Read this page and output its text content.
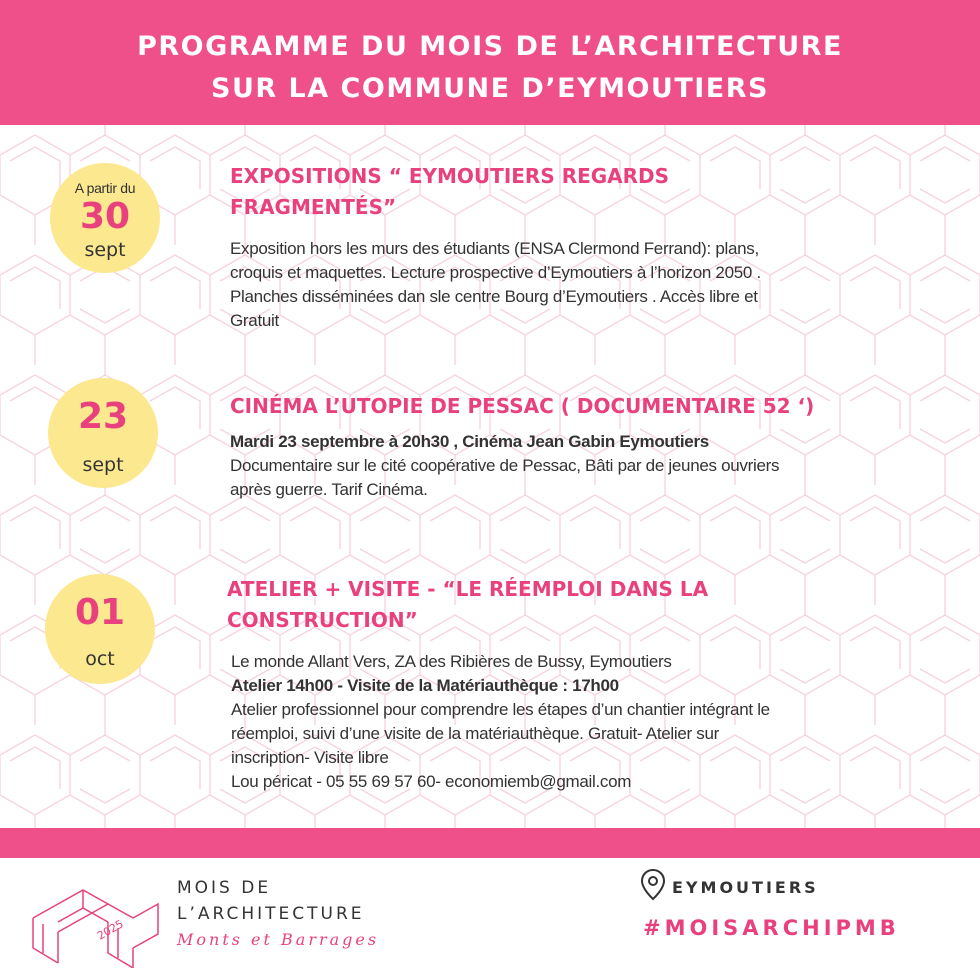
PROGRAMME DU MOIS DE L’ARCHITECTURE
SUR LA COMMUNE D’EYMOUTIERS
A partir du
30
sept
EXPOSITIONS “ EYMOUTIERS REGARDS
FRAGMENTÉS”
Exposition hors les murs des étudiants (ENSA Clermond Ferrand): plans,
croquis et maquettes. Lecture prospective d’Eymoutiers à l’horizon 2050 .
Planches disséminées dan sle centre Bourg d’Eymoutiers . Accès libre et
Gratuit
23
sept
CINÉMA L’UTOPIE DE PESSAC ( DOCUMENTAIRE 52 ‘)
Mardi 23 septembre à 20h30 , Cinéma Jean Gabin Eymoutiers
Documentaire sur le cité coopérative de Pessac, Bâti par de jeunes ouvriers
après guerre. Tarif Cinéma.
01
oct
ATELIER + VISITE - “LE RÉEMPLOI DANS LA
CONSTRUCTION”
Le monde Allant Vers, ZA des Ribières de Bussy, Eymoutiers
Atelier 14h00 - Visite de la Matériauthèque : 17h00
Atelier professionnel pour comprendre les étapes d’un chantier intégrant le
réemploi, suivi d’une visite de la matériauthèque. Gratuit- Atelier sur
inscription- Visite libre
Lou péricat - 05 55 69 57 60- economiemb@gmail.com
2025
MOIS DE
L’ARCHITECTURE
Monts et Barrages
EYMOUTIERS
#MOISARCHIPMB
